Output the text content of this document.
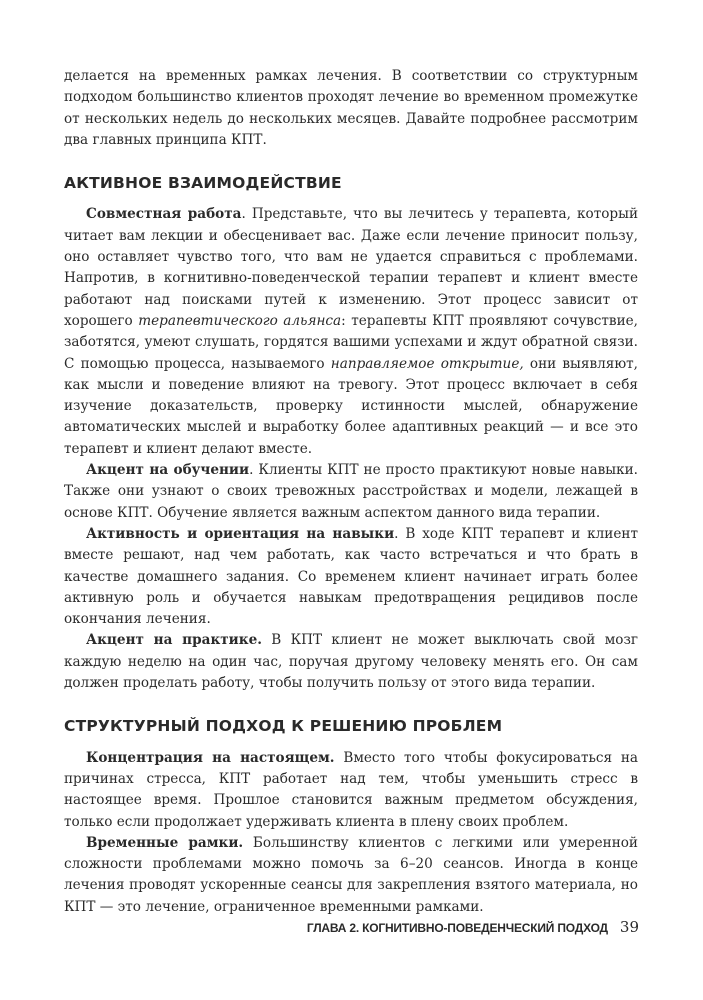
делается на временных рамках лечения. В соответствии со структурным подходом большинство клиентов проходят лечение во временном промежутке от нескольких недель до нескольких месяцев. Давайте подробнее рассмотрим два главных принципа КПТ.

АКТИВНОЕ ВЗАИМОДЕЙСТВИЕ

Совместная работа. Представьте, что вы лечитесь у терапевта, который читает вам лекции и обесценивает вас. Даже если лечение приносит пользу, оно оставляет чувство того, что вам не удается справиться с проблемами. Напротив, в когнитивно-поведенческой терапии терапевт и клиент вместе работают над поисками путей к изменению. Этот процесс зависит от хорошего терапевтического альянса: терапевты КПТ проявляют сочувствие, заботятся, умеют слушать, гордятся вашими успехами и ждут обратной связи. С помощью процесса, называемого направляемое открытие, они выявляют, как мысли и поведение влияют на тревогу. Этот процесс включает в себя изучение доказательств, проверку истинности мыслей, обнаружение автоматических мыслей и выработку более адаптивных реакций — и все это терапевт и клиент делают вместе.

Акцент на обучении. Клиенты КПТ не просто практикуют новые навыки. Также они узнают о своих тревожных расстройствах и модели, лежащей в основе КПТ. Обучение является важным аспектом данного вида терапии.

Активность и ориентация на навыки. В ходе КПТ терапевт и клиент вместе решают, над чем работать, как часто встречаться и что брать в качестве домашнего задания. Со временем клиент начинает играть более активную роль и обучается навыкам предотвращения рецидивов после окончания лечения.

Акцент на практике. В КПТ клиент не может выключать свой мозг каждую неделю на один час, поручая другому человеку менять его. Он сам должен проделать работу, чтобы получить пользу от этого вида терапии.

СТРУКТУРНЫЙ ПОДХОД К РЕШЕНИЮ ПРОБЛЕМ

Концентрация на настоящем. Вместо того чтобы фокусироваться на причинах стресса, КПТ работает над тем, чтобы уменьшить стресс в настоящее время. Прошлое становится важным предметом обсуждения, только если продолжает удерживать клиента в плену своих проблем.

Временные рамки. Большинству клиентов с легкими или умеренной сложности проблемами можно помочь за 6–20 сеансов. Иногда в конце лечения проводят ускоренные сеансы для закрепления взятого материала, но КПТ — это лечение, ограниченное временными рамками.

ГЛАВА 2. КОГНИТИВНО-ПОВЕДЕНЧЕСКИЙ ПОДХОД 39
